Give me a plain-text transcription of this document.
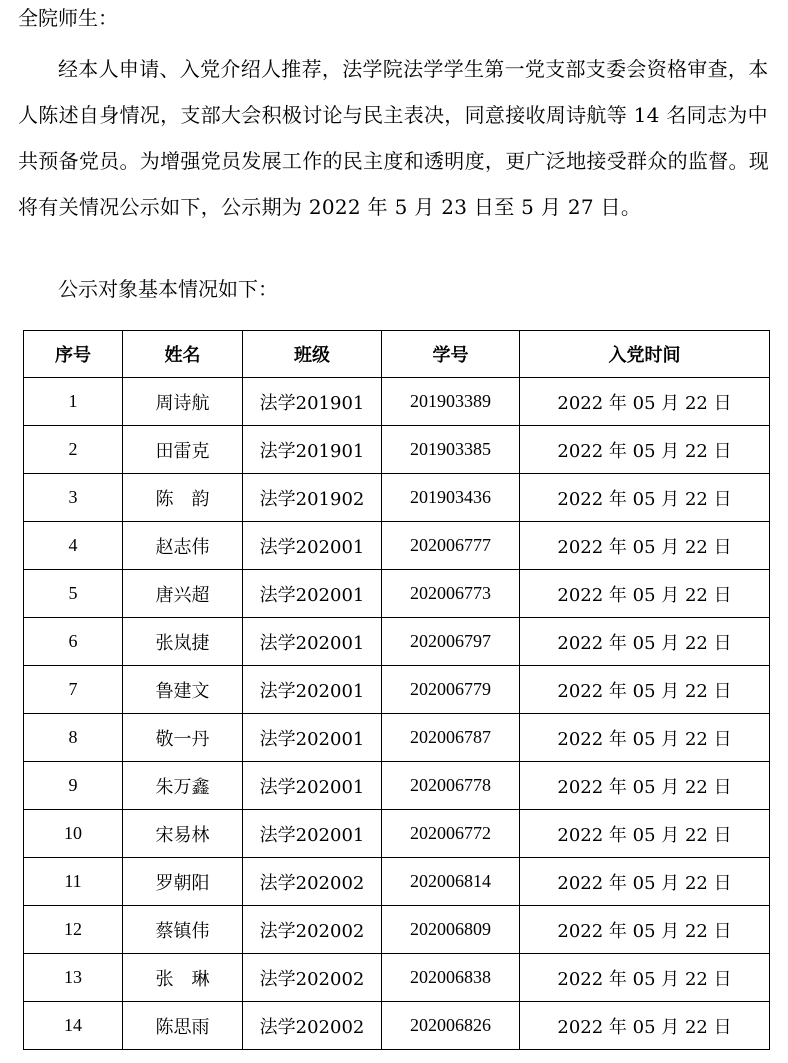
全院师生：

经本人申请、入党介绍人推荐，法学院法学学生第一党支部支委会资格审查，本人陈述自身情况，支部大会积极讨论与民主表决，同意接收周诗航等 14 名同志为中共预备党员。为增强党员发展工作的民主度和透明度，更广泛地接受群众的监督。现将有关情况公示如下，公示期为 2022 年 5 月 23 日至 5 月 27 日。

公示对象基本情况如下：
序号	姓名	班级	学号	入党时间
1	周诗航	法学201901	201903389	2022 年 05 月 22 日
2	田雷克	法学201901	201903385	2022 年 05 月 22 日
3	陈　韵	法学201902	201903436	2022 年 05 月 22 日
4	赵志伟	法学202001	202006777	2022 年 05 月 22 日
5	唐兴超	法学202001	202006773	2022 年 05 月 22 日
6	张岚捷	法学202001	202006797	2022 年 05 月 22 日
7	鲁建文	法学202001	202006779	2022 年 05 月 22 日
8	敬一丹	法学202001	202006787	2022 年 05 月 22 日
9	朱万鑫	法学202001	202006778	2022 年 05 月 22 日
10	宋易林	法学202001	202006772	2022 年 05 月 22 日
11	罗朝阳	法学202002	202006814	2022 年 05 月 22 日
12	蔡镇伟	法学202002	202006809	2022 年 05 月 22 日
13	张　琳	法学202002	202006838	2022 年 05 月 22 日
14	陈思雨	法学202002	202006826	2022 年 05 月 22 日
